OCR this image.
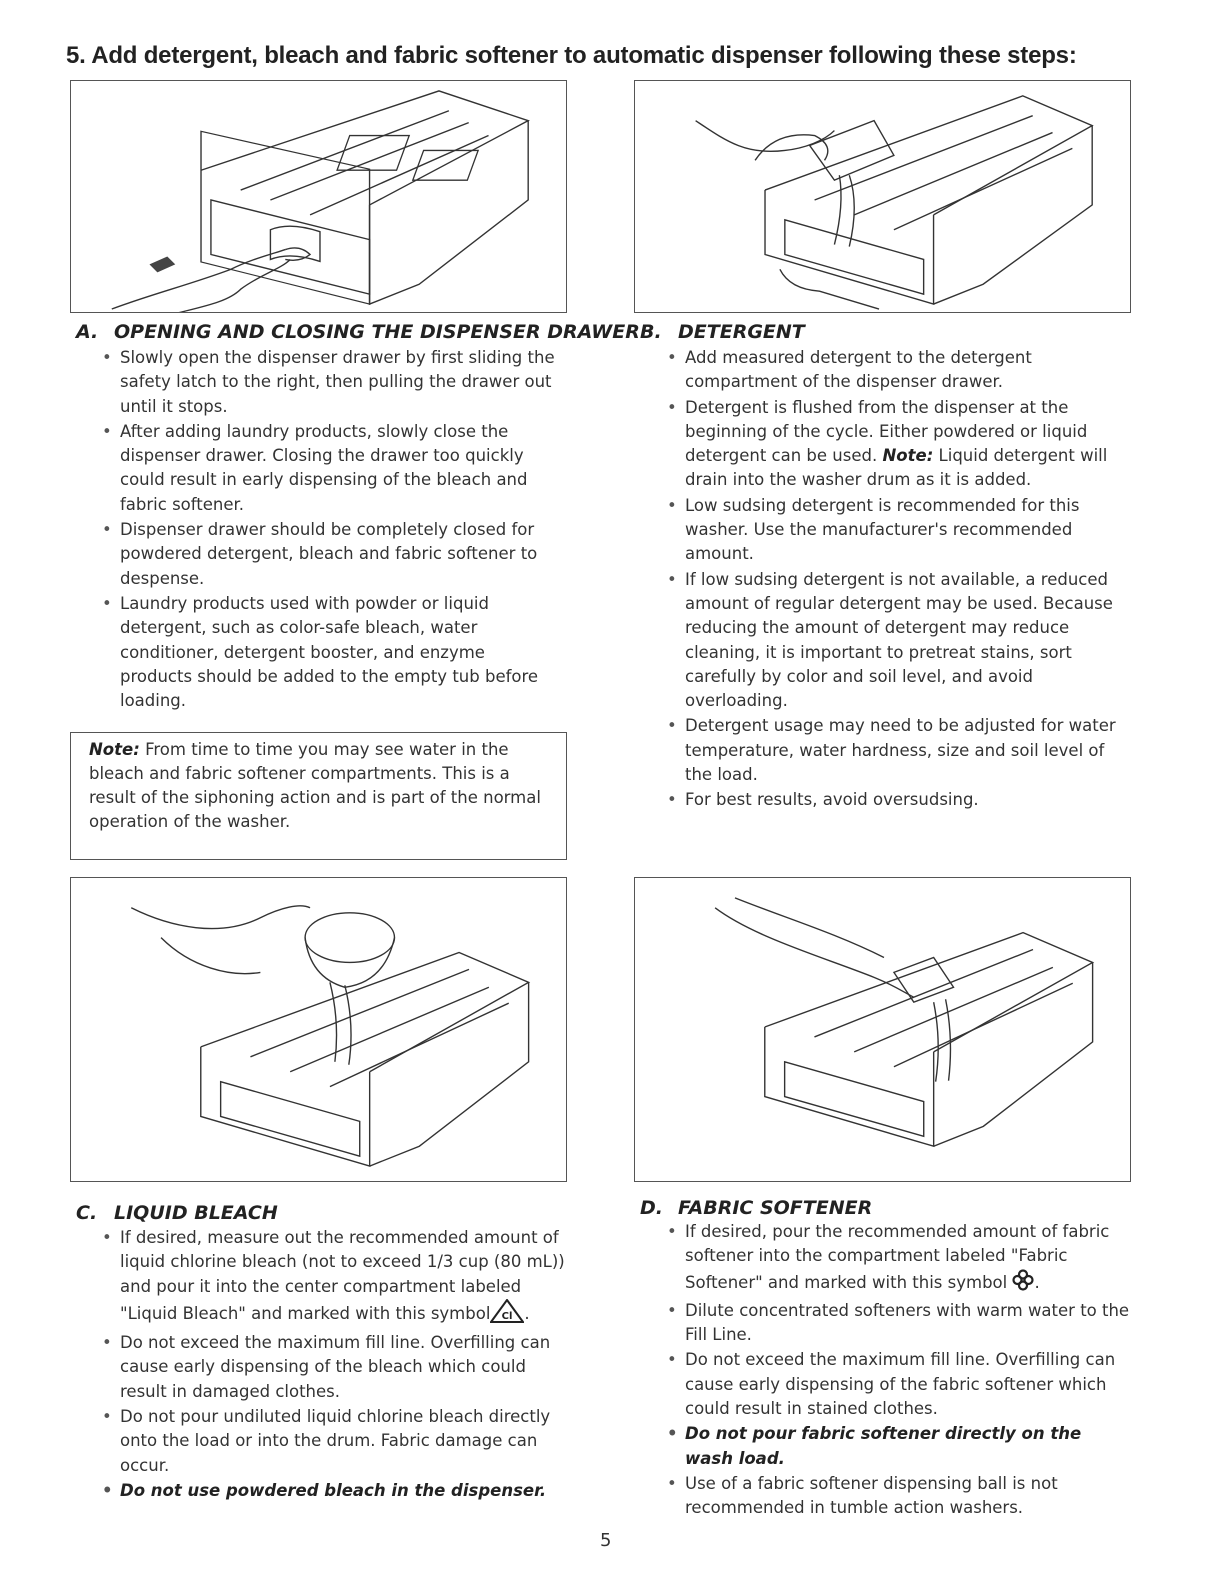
5. Add detergent, bleach and fabric softener to automatic dispenser following these steps:
A. OPENING AND CLOSING THE DISPENSER DRAWER
• Slowly open the dispenser drawer by first sliding the safety latch to the right, then pulling the drawer out until it stops.
• After adding laundry products, slowly close the dispenser drawer. Closing the drawer too quickly could result in early dispensing of the bleach and fabric softener.
• Dispenser drawer should be completely closed for powdered detergent, bleach and fabric softener to despense.
• Laundry products used with powder or liquid detergent, such as color-safe bleach, water conditioner, detergent booster, and enzyme products should be added to the empty tub before loading.
Note: From time to time you may see water in the bleach and fabric softener compartments. This is a result of the siphoning action and is part of the normal operation of the washer.
B. DETERGENT
• Add measured detergent to the detergent compartment of the dispenser drawer.
• Detergent is flushed from the dispenser at the beginning of the cycle. Either powdered or liquid detergent can be used. Note: Liquid detergent will drain into the washer drum as it is added.
• Low sudsing detergent is recommended for this washer. Use the manufacturer's recommended amount.
• If low sudsing detergent is not available, a reduced amount of regular detergent may be used. Because reducing the amount of detergent may reduce cleaning, it is important to pretreat stains, sort carefully by color and soil level, and avoid overloading.
• Detergent usage may need to be adjusted for water temperature, water hardness, size and soil level of the load.
• For best results, avoid oversudsing.
C. LIQUID BLEACH
• If desired, measure out the recommended amount of liquid chlorine bleach (not to exceed 1/3 cup (80 mL)) and pour it into the center compartment labeled "Liquid Bleach" and marked with this symbol Cl .
• Do not exceed the maximum fill line. Overfilling can cause early dispensing of the bleach which could result in damaged clothes.
• Do not pour undiluted liquid chlorine bleach directly onto the load or into the drum. Fabric damage can occur.
• Do not use powdered bleach in the dispenser.
D. FABRIC SOFTENER
• If desired, pour the recommended amount of fabric softener into the compartment labeled "Fabric Softener" and marked with this symbol .
• Dilute concentrated softeners with warm water to the Fill Line.
• Do not exceed the maximum fill line. Overfilling can cause early dispensing of the fabric softener which could result in stained clothes.
• Do not pour fabric softener directly on the wash load.
• Use of a fabric softener dispensing ball is not recommended in tumble action washers.
5
